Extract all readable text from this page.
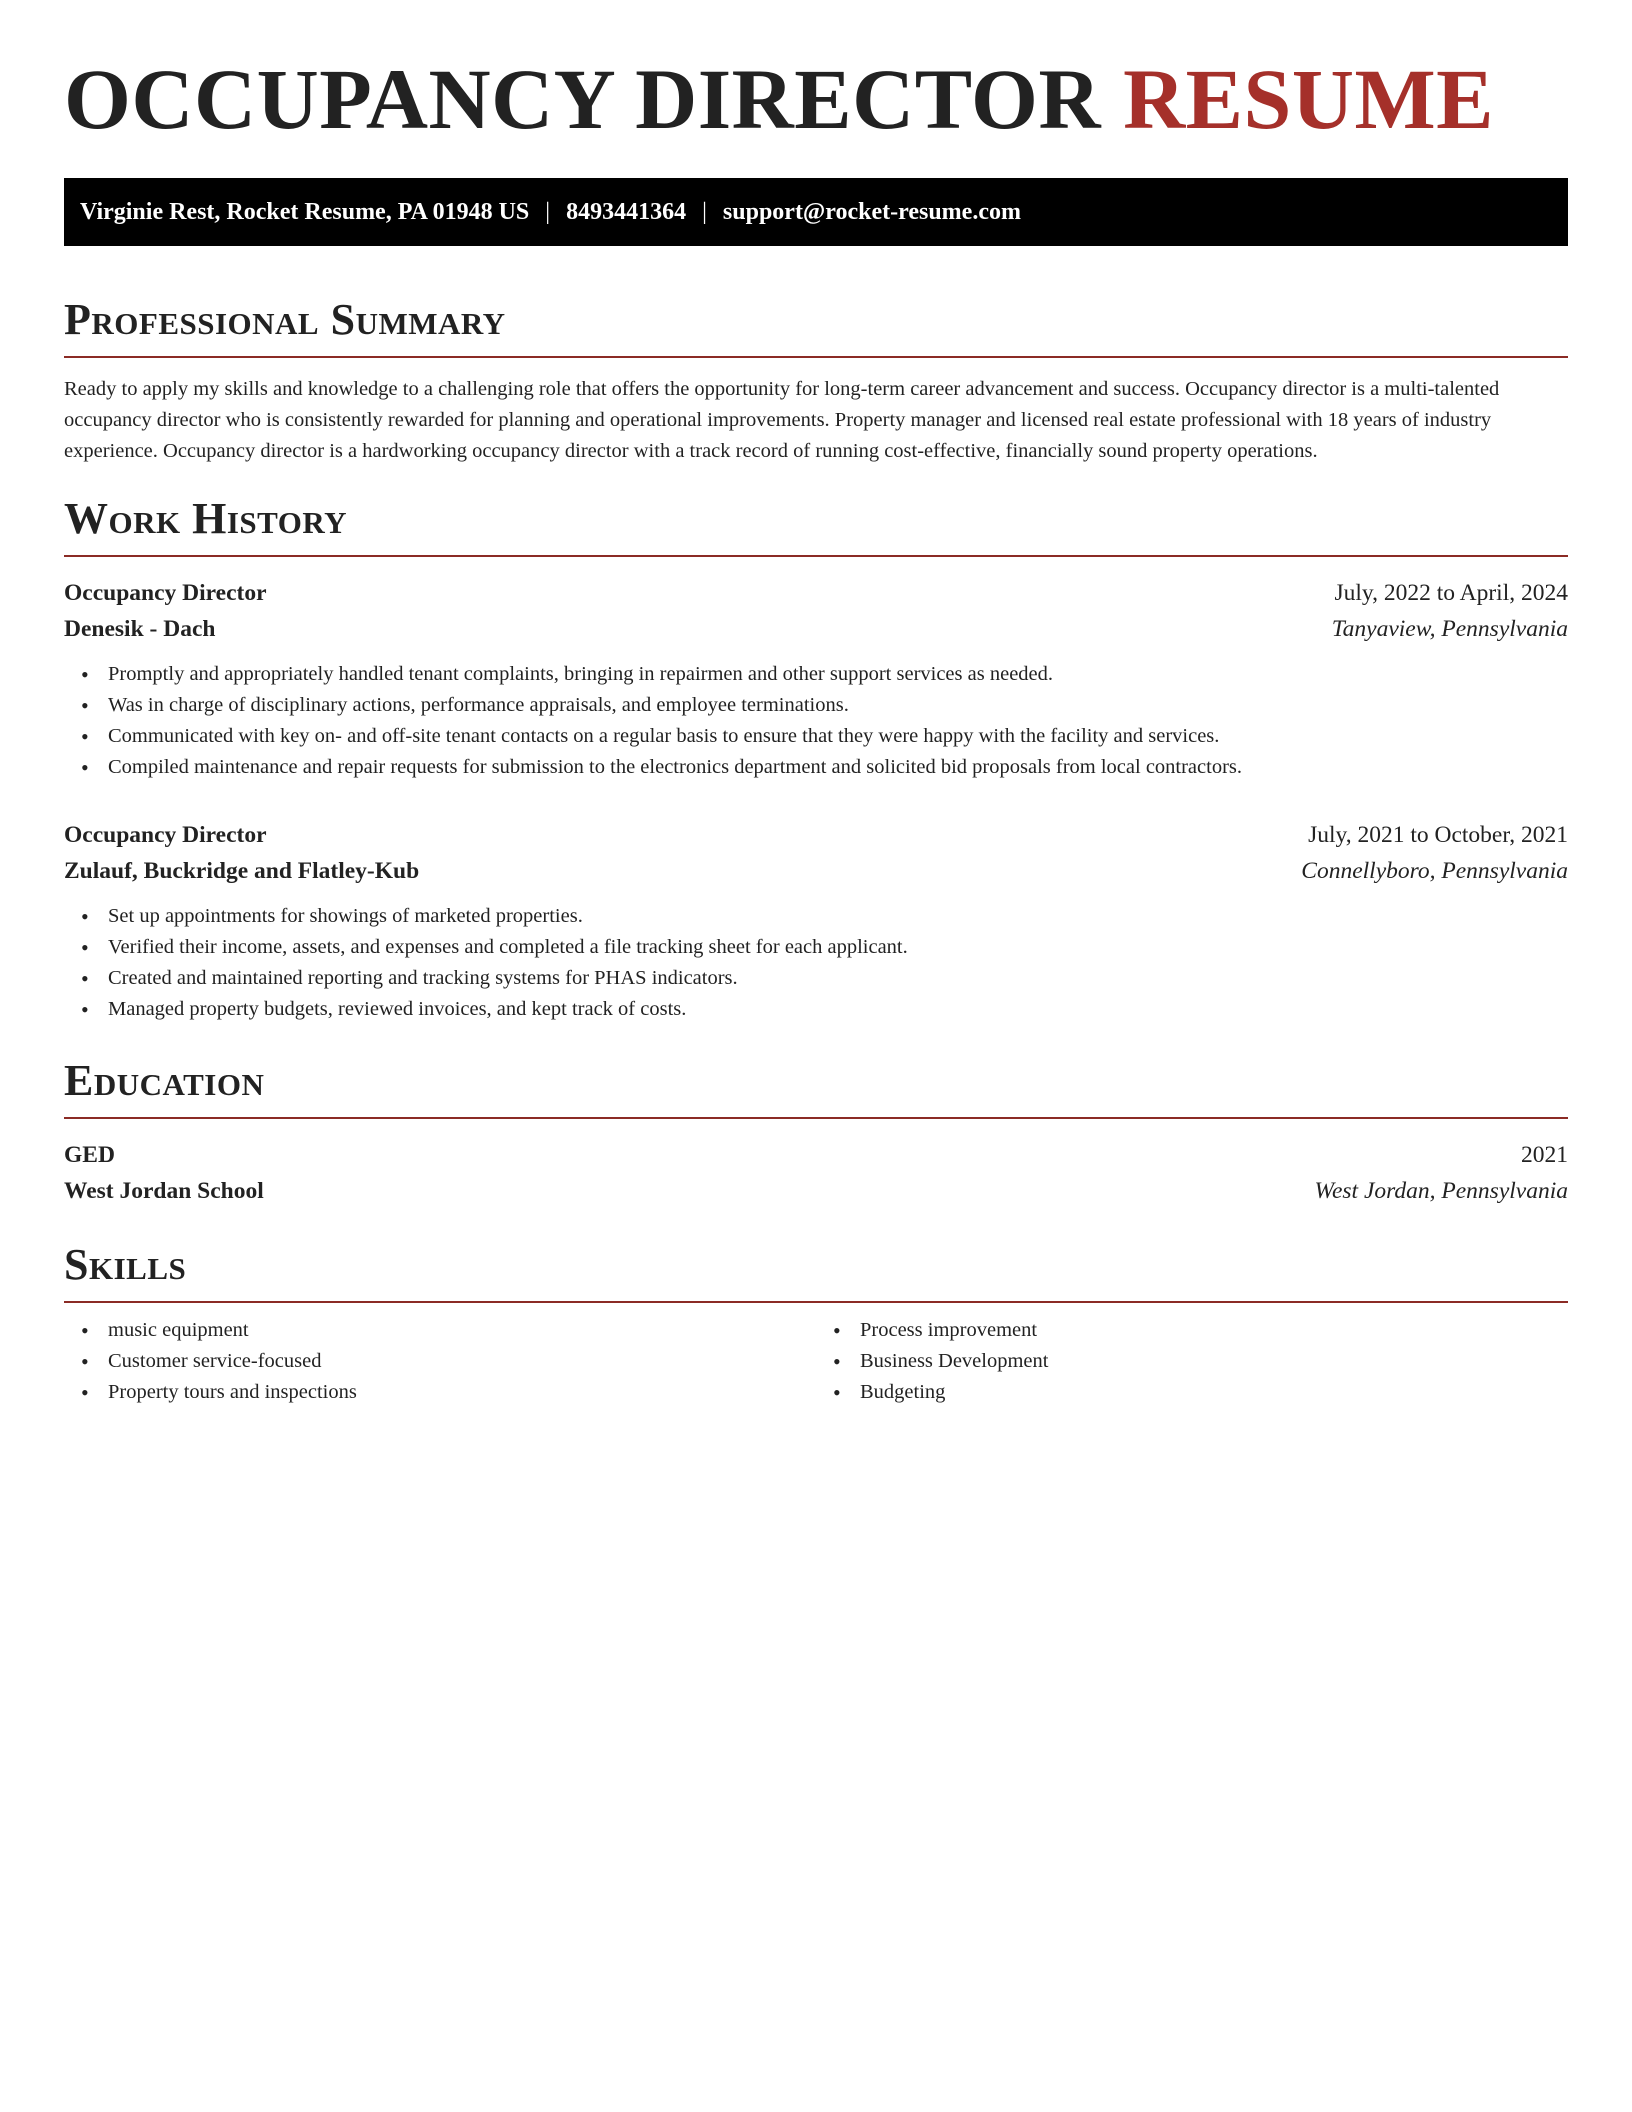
OCCUPANCY DIRECTOR RESUME
Virginie Rest, Rocket Resume, PA 01948 US | 8493441364 | support@rocket-resume.com
Professional Summary

Ready to apply my skills and knowledge to a challenging role that offers the opportunity for long-term career advancement and success. Occupancy director is a multi-talented occupancy director who is consistently rewarded for planning and operational improvements. Property manager and licensed real estate professional with 18 years of industry experience. Occupancy director is a hardworking occupancy director with a track record of running cost-effective, financially sound property operations.

Work History
Occupancy Director	July, 2022 to April, 2024
Denesik - Dach	Tanyaview, Pennsylvania
• Promptly and appropriately handled tenant complaints, bringing in repairmen and other support services as needed.
• Was in charge of disciplinary actions, performance appraisals, and employee terminations.
• Communicated with key on- and off-site tenant contacts on a regular basis to ensure that they were happy with the facility and services.
• Compiled maintenance and repair requests for submission to the electronics department and solicited bid proposals from local contractors.
Occupancy Director	July, 2021 to October, 2021
Zulauf, Buckridge and Flatley-Kub	Connellyboro, Pennsylvania
• Set up appointments for showings of marketed properties.
• Verified their income, assets, and expenses and completed a file tracking sheet for each applicant.
• Created and maintained reporting and tracking systems for PHAS indicators.
• Managed property budgets, reviewed invoices, and kept track of costs.
Education
GED	2021
West Jordan School	West Jordan, Pennsylvania
Skills
• music equipment
• Customer service-focused
• Property tours and inspections
• Process improvement
• Business Development
• Budgeting
